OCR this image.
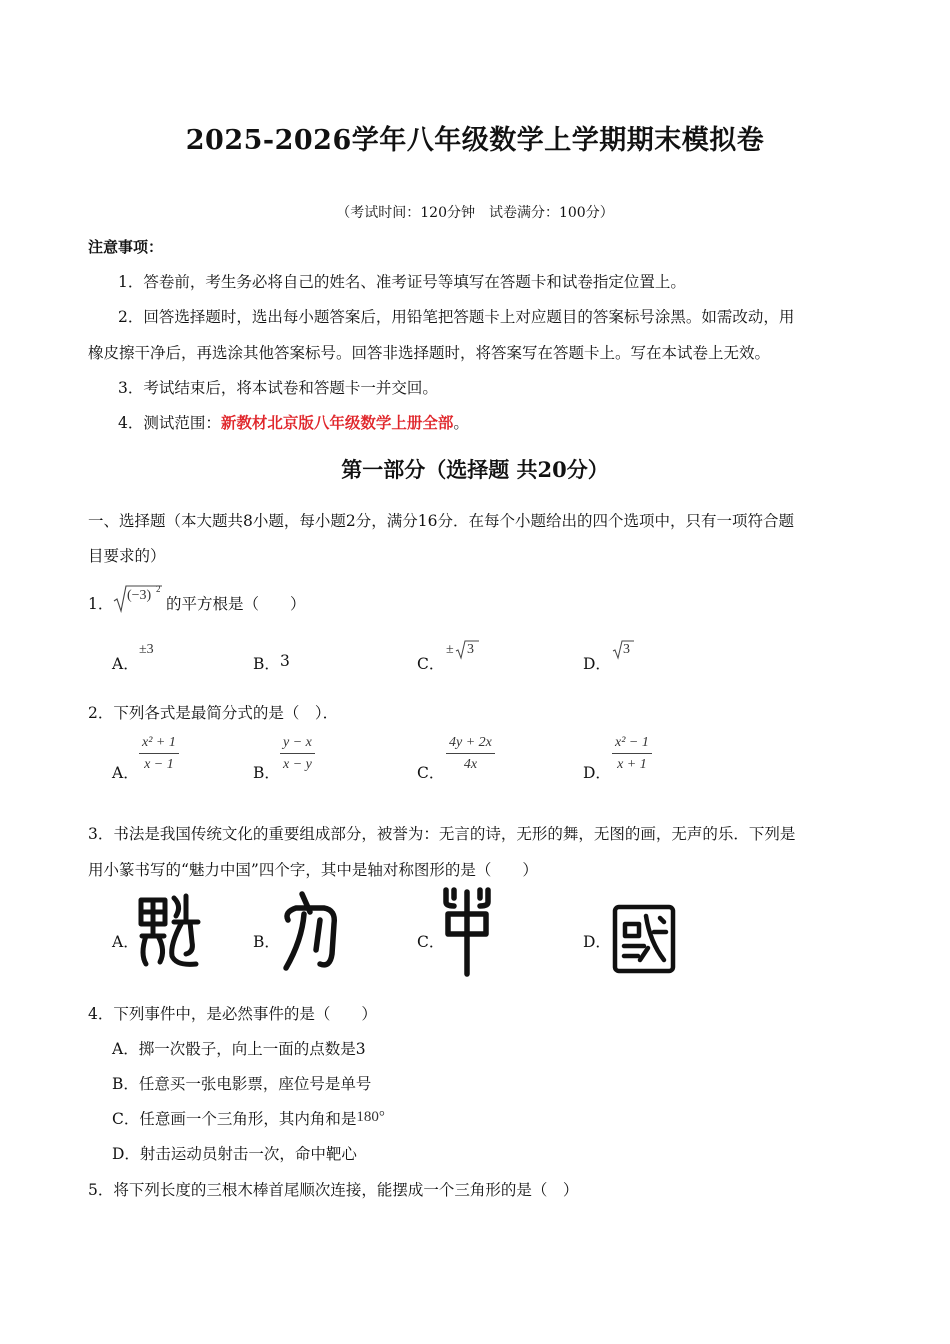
2025-2026学年八年级数学上学期期末模拟卷
（考试时间：120分钟　试卷满分：100分）
注意事项：
1．答卷前，考生务必将自己的姓名、准考证号等填写在答题卡和试卷指定位置上。
2．回答选择题时，选出每小题答案后，用铅笔把答题卡上对应题目的答案标号涂黑。如需改动，用
橡皮擦干净后，再选涂其他答案标号。回答非选择题时，将答案写在答题卡上。写在本试卷上无效。
3．考试结束后，将本试卷和答题卡一并交回。
4．测试范围：新教材北京版八年级数学上册全部。
第一部分（选择题 共20分）
一、选择题（本大题共8小题，每小题2分，满分16分．在每个小题给出的四个选项中，只有一项符合题
目要求的）
1． (−3) 2
的平方根是（　　）
A．
±3
B． 3	C．
± 3
D．
3
2．下列各式是最简分式的是（　）．
A． $\frac{\text{x² + 1}}{x - 1}$	B． $\frac{y - x}{x - y}$	C． $\frac{4y + 2x}{4x}$	D． $\frac{\text{x² − 1}}{x + 1}$
3．书法是我国传统文化的重要组成部分，被誉为：无言的诗，无形的舞，无图的画，无声的乐．下列是
用小篆书写的“魅力中国”四个字，其中是轴对称图形的是（　　）
A．	B．	C．	D．
4．下列事件中，是必然事件的是（　　）
A．掷一次骰子，向上一面的点数是3
B．任意买一张电影票，座位号是单号
C．任意画一个三角形，其内角和是180°
D．射击运动员射击一次，命中靶心
5．将下列长度的三根木棒首尾顺次连接，能摆成一个三角形的是（　）
